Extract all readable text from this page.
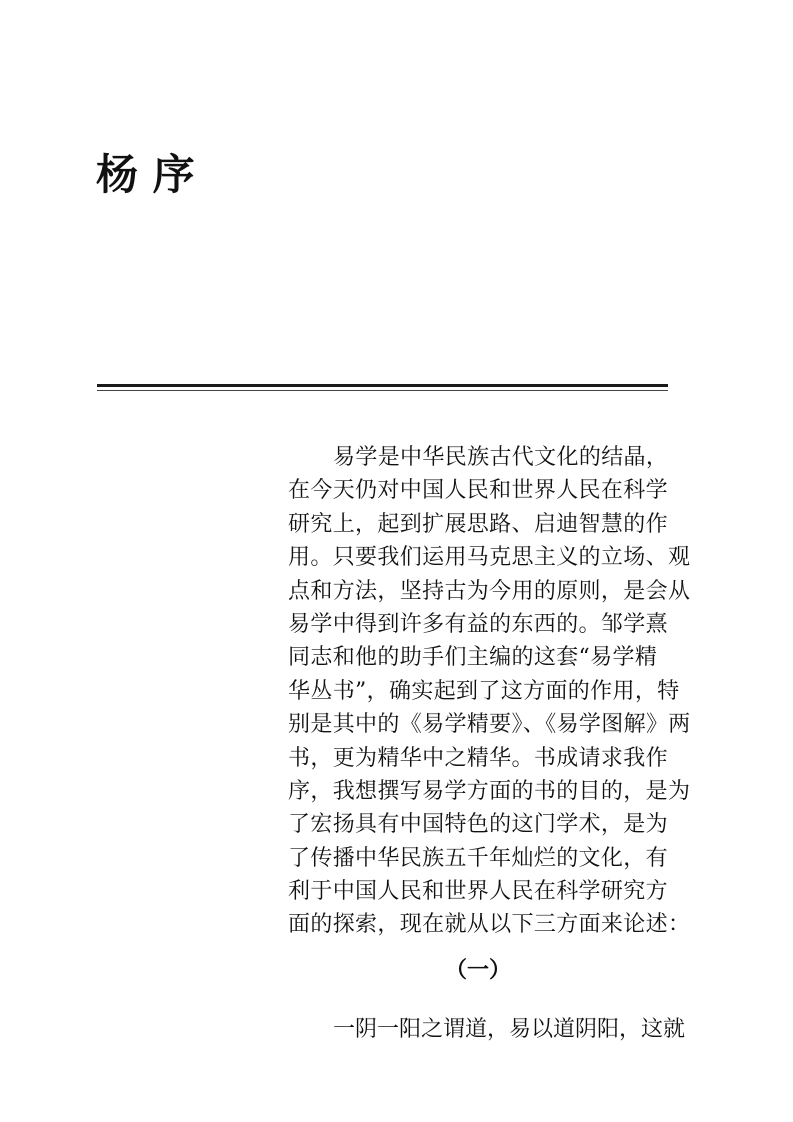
杨 序
易学是中华民族古代文化的结晶，
在今天仍对中国人民和世界人民在科学
研究上，起到扩展思路、启迪智慧的作
用。只要我们运用马克思主义的立场、观
点和方法，坚持古为今用的原则，是会从
易学中得到许多有益的东西的。邹学熹
同志和他的助手们主编的这套“易学精
华丛书”，确实起到了这方面的作用，特
别是其中的《易学精要》、《易学图解》两
书，更为精华中之精华。书成请求我作
序，我想撰写易学方面的书的目的，是为
了宏扬具有中国特色的这门学术，是为
了传播中华民族五千年灿烂的文化，有
利于中国人民和世界人民在科学研究方
面的探索，现在就从以下三方面来论述：
（一）
一阴一阳之谓道，易以道阴阳，这就
